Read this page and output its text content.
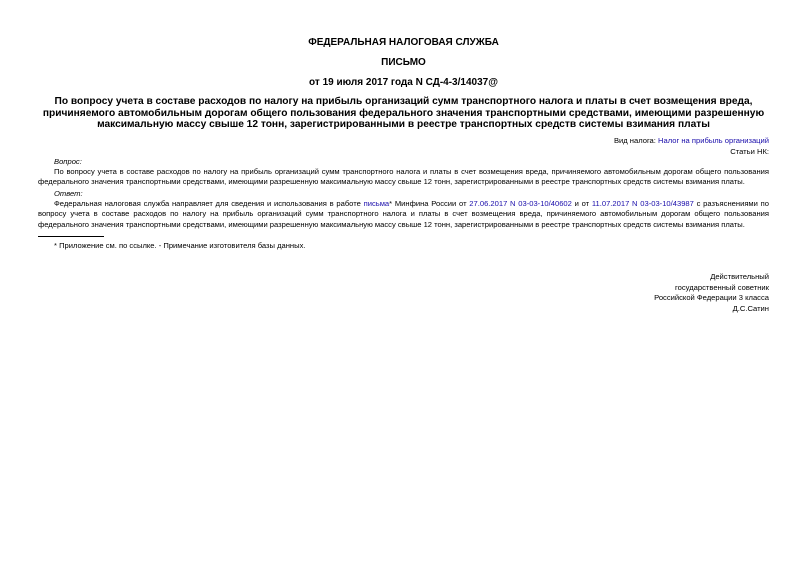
ФЕДЕРАЛЬНАЯ НАЛОГОВАЯ СЛУЖБА

ПИСЬМО

от 19 июля 2017 года N СД-4-3/14037@

По вопросу учета в составе расходов по налогу на прибыль организаций сумм транспортного налога и платы в счет возмещения вреда, причиняемого автомобильным дорогам общего пользования федерального значения транспортными средствами, имеющими разрешенную максимальную массу свыше 12 тонн, зарегистрированными в реестре транспортных средств системы взимания платы

Вид налога: Налог на прибыль организаций
Статьи НК:
Вопрос:

По вопросу учета в составе расходов по налогу на прибыль организаций сумм транспортного налога и платы в счет возмещения вреда, причиняемого автомобильным дорогам общего пользования федерального значения транспортными средствами, имеющими разрешенную максимальную массу свыше 12 тонн, зарегистрированными в реестре транспортных средств системы взимания платы.

Ответ:

Федеральная налоговая служба направляет для сведения и использования в работе письма* Минфина России от 27.06.2017 N 03-03-10/40602 и от 11.07.2017 N 03-03-10/43987 с разъяснениями по вопросу учета в составе расходов по налогу на прибыль организаций сумм транспортного налога и платы в счет возмещения вреда, причиняемого автомобильным дорогам общего пользования федерального значения транспортными средствами, имеющими разрешенную максимальную массу свыше 12 тонн, зарегистрированными в реестре транспортных средств системы взимания платы.

* Приложение см. по ссылке. - Примечание изготовителя базы данных.
Действительный
государственный советник
Российской Федерации 3 класса
Д.С.Сатин
